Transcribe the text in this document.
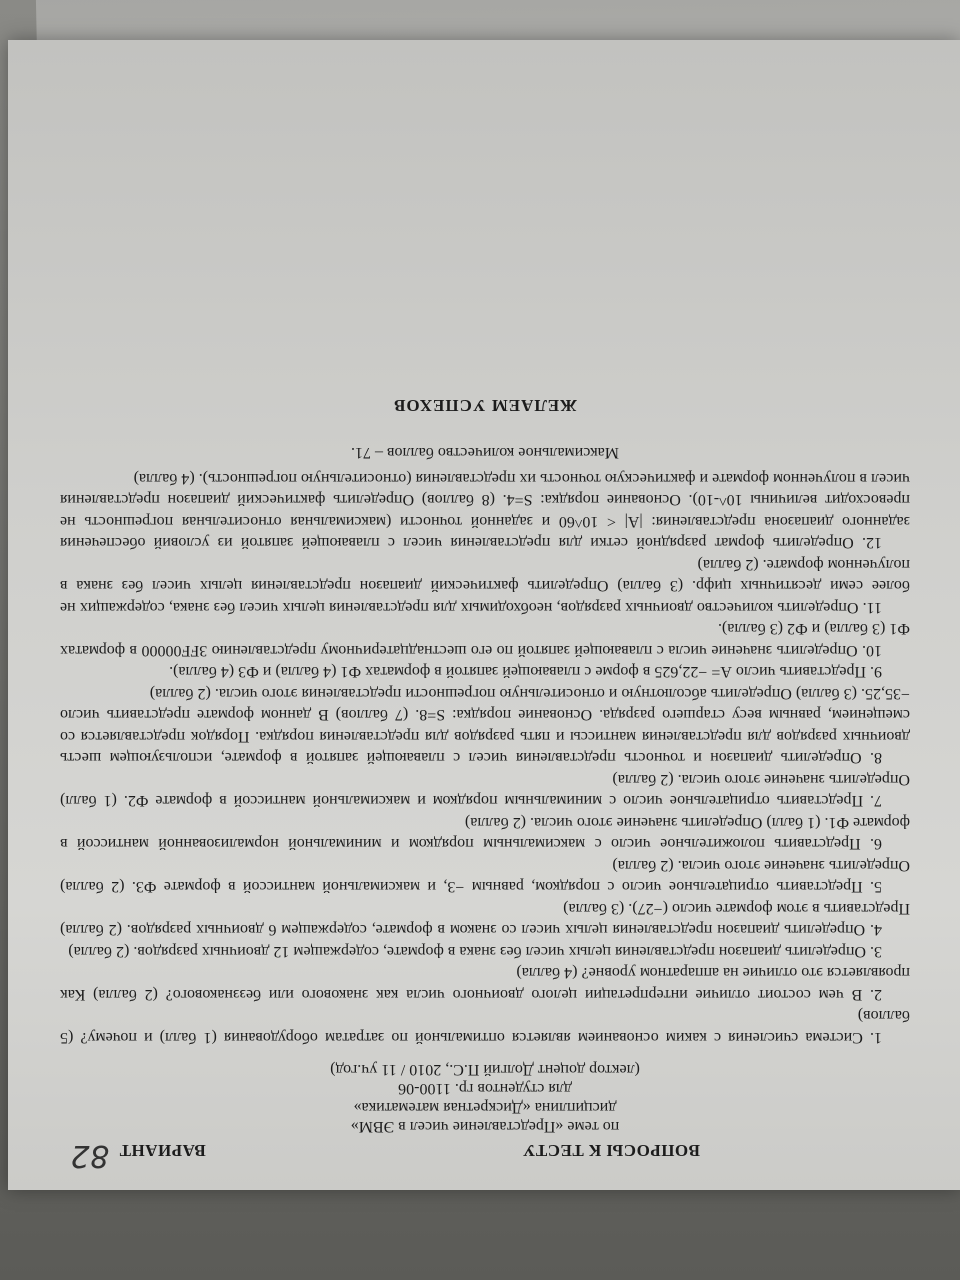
ВОПРОСЫ К ТЕСТУ
ВАРИАНТ
82
по теме «Представление чисел в ЭВМ»
дисциплина «Дискретная математика»
для студентов гр. 1100-06
(лектор доцент Долгий П.С., 2010 / 11 уч.год)

1. Система счисления с каким основанием является оптимальной по затратам оборудования (1 балл) и почему? (5 баллов)

2. В чем состоит отличие интерпретации целого двоичного числа как знакового или беззнакового? (2 балла) Как проявляется это отличие на аппаратном уровне? (4 балла)

3. Определить диапазон представления целых чисел без знака в формате, содержащем 12 двоичных разрядов. (2 балла)

4. Определить диапазон представления целых чисел со знаком в формате, содержащем 6 двоичных разрядов. (2 балла) Представить в этом формате число (−27). (3 балла)

5. Представить отрицательное число с порядком, равным −3, и максимальной мантиссой в формате Ф3. (2 балла) Определить значение этого числа. (2 балла)

6. Представить положительное число с максимальным порядком и минимальной нормализованной мантиссой в формате Ф1. (1 балл) Определить значение этого числа. (2 балла)

7. Представить отрицательное число с минимальным порядком и максимальной мантиссой в формате Ф2. (1 балл) Определить значение этого числа. (2 балла)

8. Определить диапазон и точность представления чисел с плавающей запятой в формате, использующем шесть двоичных разрядов для представления мантиссы и пять разрядов для представления порядка. Порядок представляется со смещением, равным весу старшего разряда. Основание порядка: S=8. (7 баллов) В данном формате представить число −35,25. (3 балла) Определить абсолютную и относительную погрешности представления этого числа. (2 балла)

9. Представить число A= −22,625 в форме с плавающей запятой в форматах Ф1 (4 балла) и Ф3 (4 балла).

10. Определить значение числа с плавающей запятой по его шестнадцатеричному представлению 3FF00000 в форматах Ф1 (3 балла) и Ф2 (3 балла).

11. Определить количество двоичных разрядов, необходимых для представления целых чисел без знака, содержащих не более семи десятичных цифр. (3 балла) Определить фактический диапазон представления целых чисел без знака в полученном формате. (2 балла)

12. Определить формат разрядной сетки для представления чисел с плавающей запятой из условий обеспечения заданного диапазона представления: |A| < 10^60 и заданной точности (максимальная относительная погрешность не превосходит величины 10^-10). Основание порядка: S=4. (8 баллов) Определить фактический диапазон представления чисел в полученном формате и фактическую точность их представления (относительную погрешность). (4 балла)

Максимальное количество баллов – 71.
ЖЕЛАЕМ УСПЕХОВ
